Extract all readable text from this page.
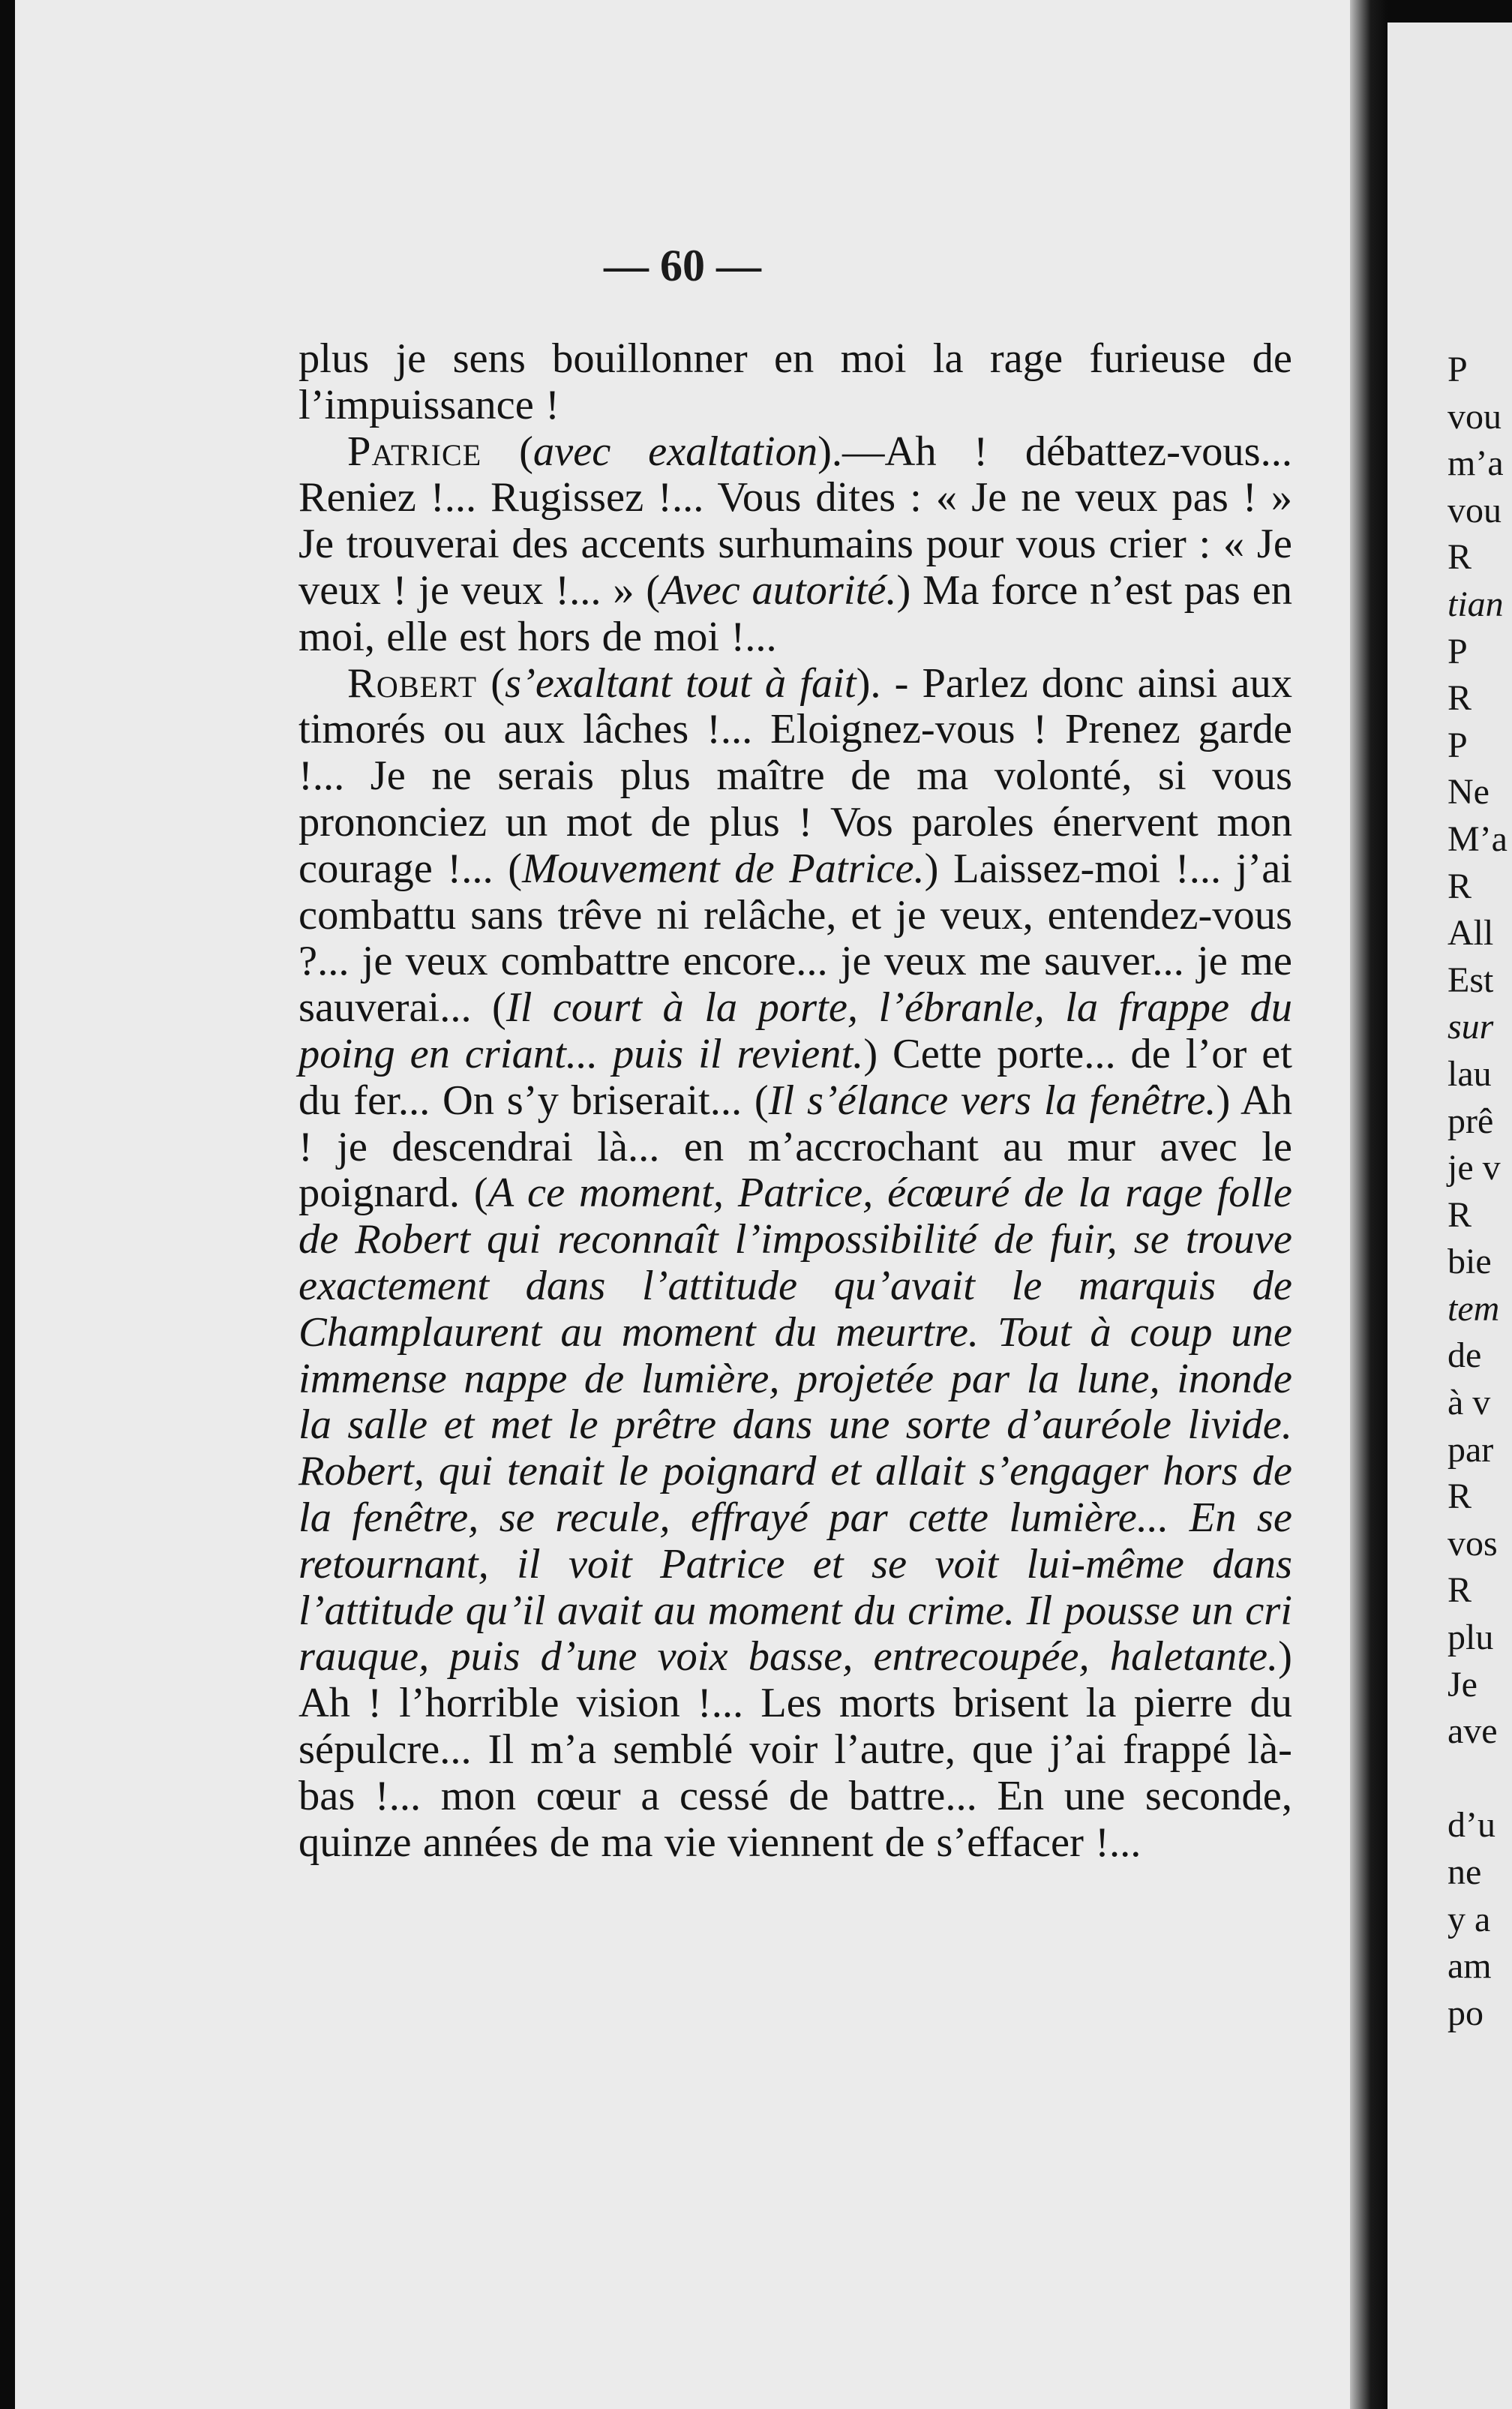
— 60 —

plus je sens bouillonner en moi la rage furieuse de l’impuissance !

Patrice (avec exaltation).—Ah ! débattez-vous... Reniez !... Rugissez !... Vous dites : « Je ne veux pas ! » Je trouverai des accents surhumains pour vous crier : « Je veux ! je veux !... » (Avec autorité.) Ma force n’est pas en moi, elle est hors de moi !...

Robert (s’exaltant tout à fait). - Parlez donc ainsi aux timorés ou aux lâches !... Eloignez-vous ! Prenez garde !... Je ne serais plus maître de ma volonté, si vous prononciez un mot de plus ! Vos paroles énervent mon courage !... (Mouvement de Patrice.) Laissez-moi !... j’ai combattu sans trêve ni relâche, et je veux, entendez-vous ?... je veux combattre encore... je veux me sauver... je me sauverai... (Il court à la porte, l’ébranle, la frappe du poing en criant... puis il revient.) Cette porte... de l’or et du fer... On s’y briserait... (Il s’élance vers la fenêtre.) Ah ! je descendrai là... en m’accrochant au mur avec le poignard. (A ce moment, Patrice, écœuré de la rage folle de Robert qui reconnaît l’impossibilité de fuir, se trouve exactement dans l’attitude qu’avait le marquis de Champlaurent au moment du meurtre. Tout à coup une immense nappe de lumière, projetée par la lune, inonde la salle et met le prêtre dans une sorte d’auréole livide. Robert, qui tenait le poignard et allait s’engager hors de la fenêtre, se recule, effrayé par cette lumière... En se retournant, il voit Patrice et se voit lui-même dans l’attitude qu’il avait au moment du crime. Il pousse un cri rauque, puis d’une voix basse, entrecoupée, haletante.) Ah ! l’horrible vision !... Les morts brisent la pierre du sépulcre... Il m’a semblé voir l’autre, que j’ai frappé là-bas !... mon cœur a cessé de battre... En une seconde, quinze années de ma vie viennent de s’effacer !...

P
vou
m’a
vou
R
tian
P
R
P
Ne
M’a
R
All
Est
sur
lau
prê
je v
R
bie
tem
de
à v
par
R
vos
R
plu
Je
ave
d’u
ne
y a
am
po
